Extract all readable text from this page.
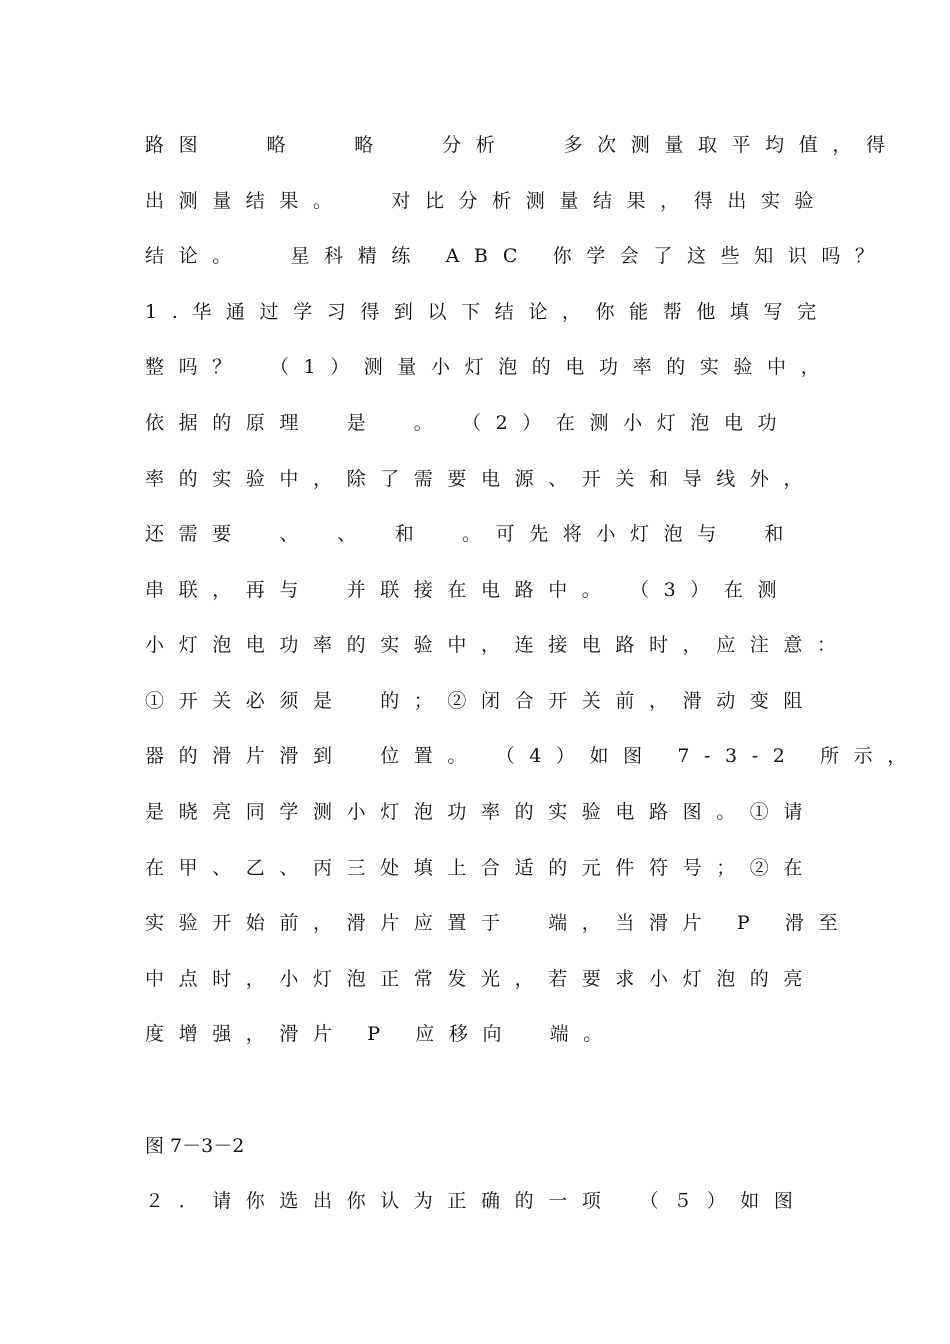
路图　 略　 略　 分析　 多次测量取平均值，得
出测量结果。　 对比分析测量结果，得出实验
结论。　 星科精练 ABC 你学会了这些知识吗？
1.华通过学习得到以下结论，你能帮他填写完
整吗？　（1）测量小灯泡的电功率的实验中，
依据的原理　是　。　（2）在测小灯泡电功
率的实验中，除了需要电源、开关和导线外，
还需要　、　、　和　。可先将小灯泡与　和
串联，再与　并联接在电路中。　（3）在测
小灯泡电功率的实验中，连接电路时，应注意：
①开关必须是　的；②闭合开关前，滑动变阻
器的滑片滑到　位置。　（4）如图 7-3-2 所示，
是晓亮同学测小灯泡功率的实验电路图。①请
在甲、乙、丙三处填上合适的元件符号；②在
实验开始前，滑片应置于　端，当滑片 P 滑至
中点时，小灯泡正常发光，若要求小灯泡的亮
度增强，滑片 P 应移向　端。
图 7－3－2
２．请你选出你认为正确的一项　（５）如图
